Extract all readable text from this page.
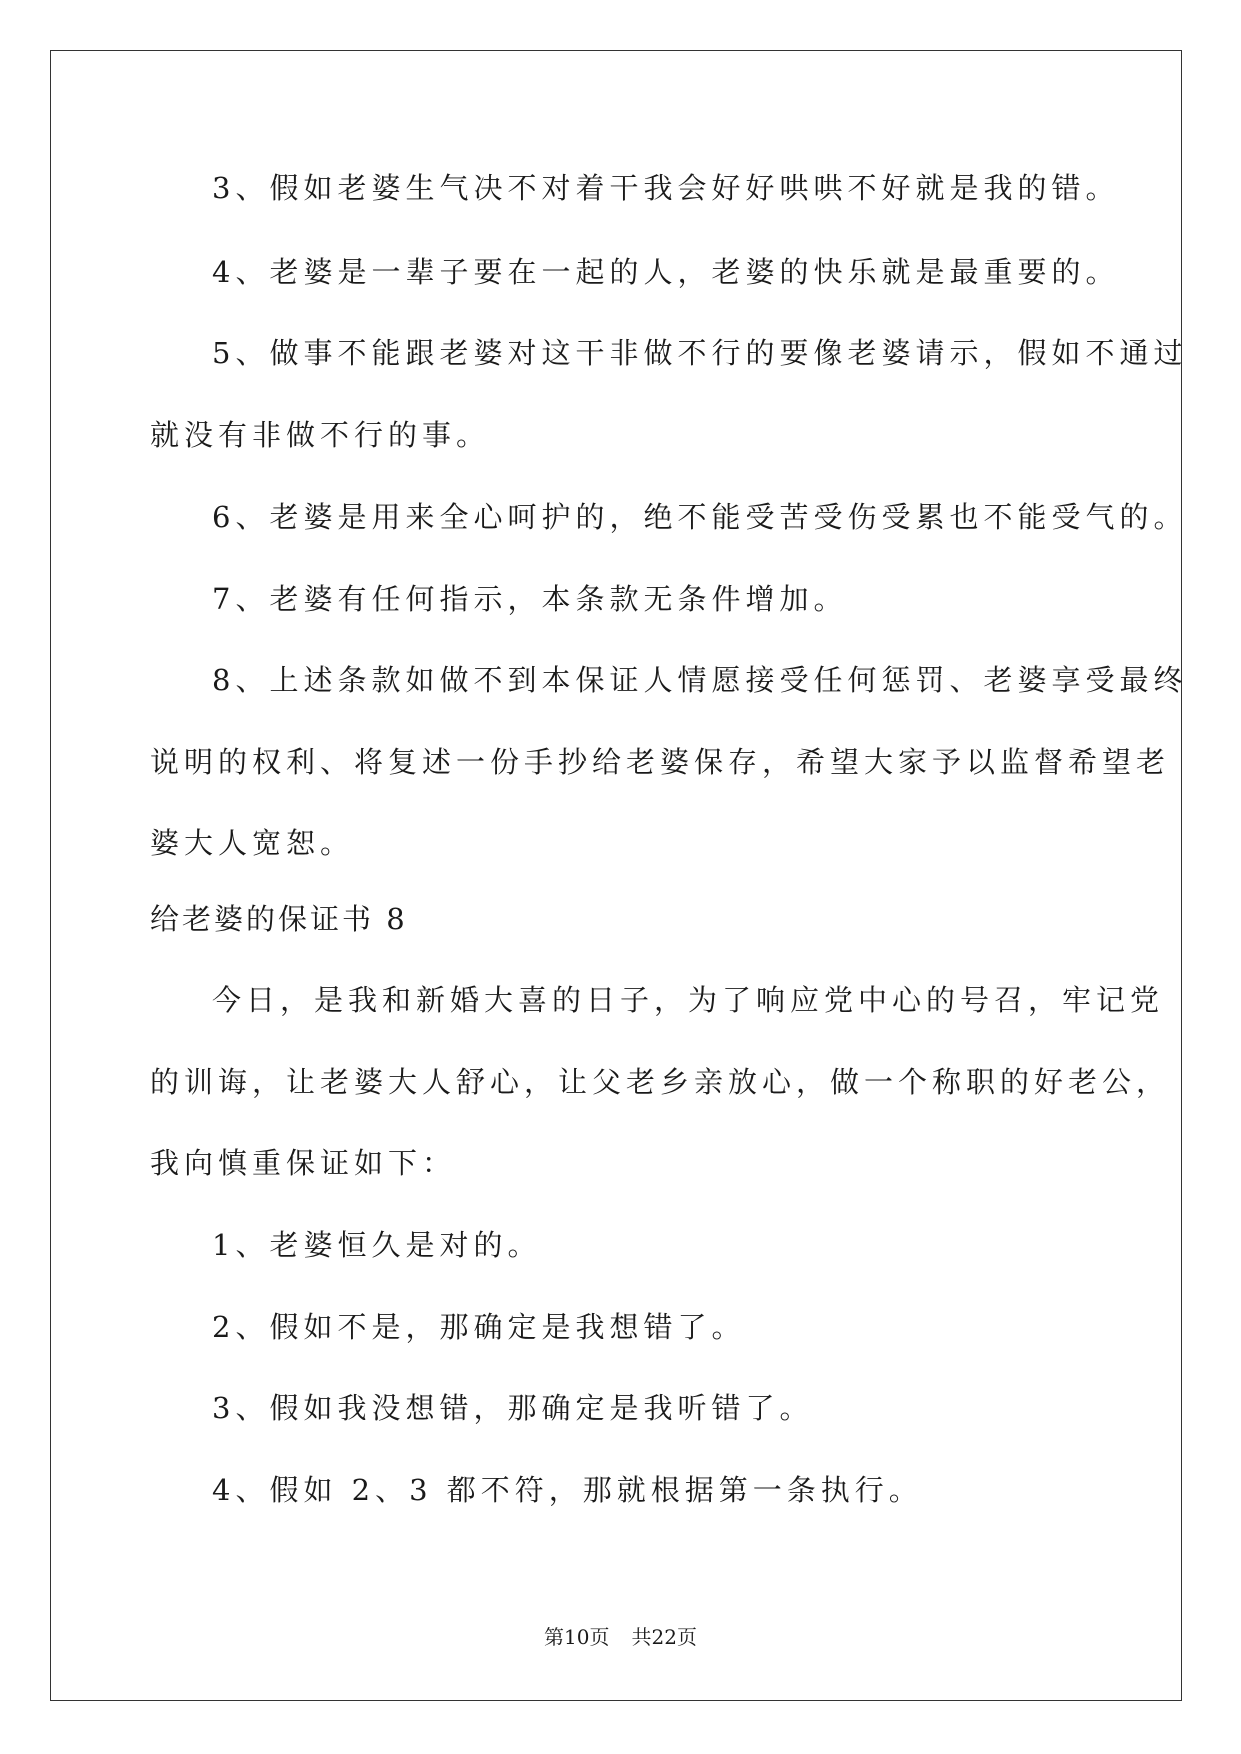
3、假如老婆生气决不对着干我会好好哄哄不好就是我的错。
4、老婆是一辈子要在一起的人，老婆的快乐就是最重要的。
5、做事不能跟老婆对这干非做不行的要像老婆请示，假如不通过
就没有非做不行的事。
6、老婆是用来全心呵护的，绝不能受苦受伤受累也不能受气的。
7、老婆有任何指示，本条款无条件增加。
8、上述条款如做不到本保证人情愿接受任何惩罚、老婆享受最终
说明的权利、将复述一份手抄给老婆保存，希望大家予以监督希望老
婆大人宽恕。
给老婆的保证书 8
今日，是我和新婚大喜的日子，为了响应党中心的号召，牢记党
的训诲，让老婆大人舒心，让父老乡亲放心，做一个称职的好老公，
我向慎重保证如下：
1、老婆恒久是对的。
2、假如不是，那确定是我想错了。
3、假如我没想错，那确定是我听错了。
4、假如 2、3 都不符，那就根据第一条执行。
第10页 共22页
